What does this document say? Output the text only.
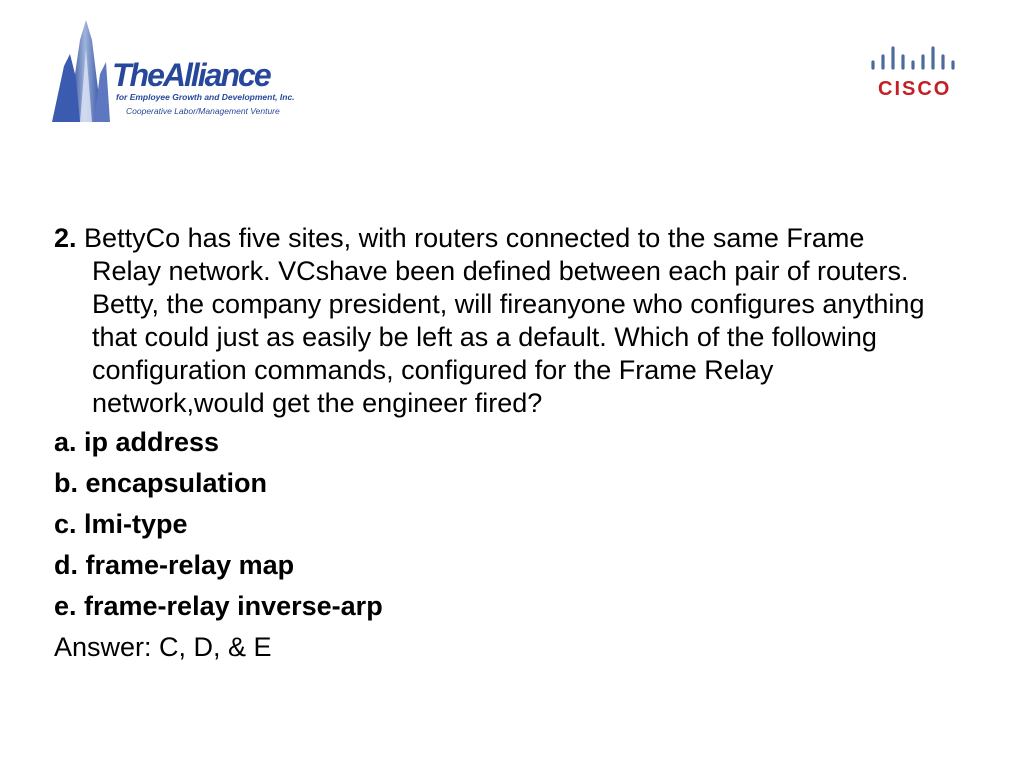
TheAlliance
for Employee Growth and Development, Inc.
Cooperative Labor/Management Venture
CISCO

2. BettyCo has five sites, with routers connected to the same Frame Relay network. VCshave been defined between each pair of routers. Betty, the company president, will fireanyone who configures anything that could just as easily be left as a default. Which of the following configuration commands, configured for the Frame Relay network,would get the engineer fired?

a. ip address
b. encapsulation
c. lmi-type
d. frame-relay map
e. frame-relay inverse-arp

Answer: C, D, & E
